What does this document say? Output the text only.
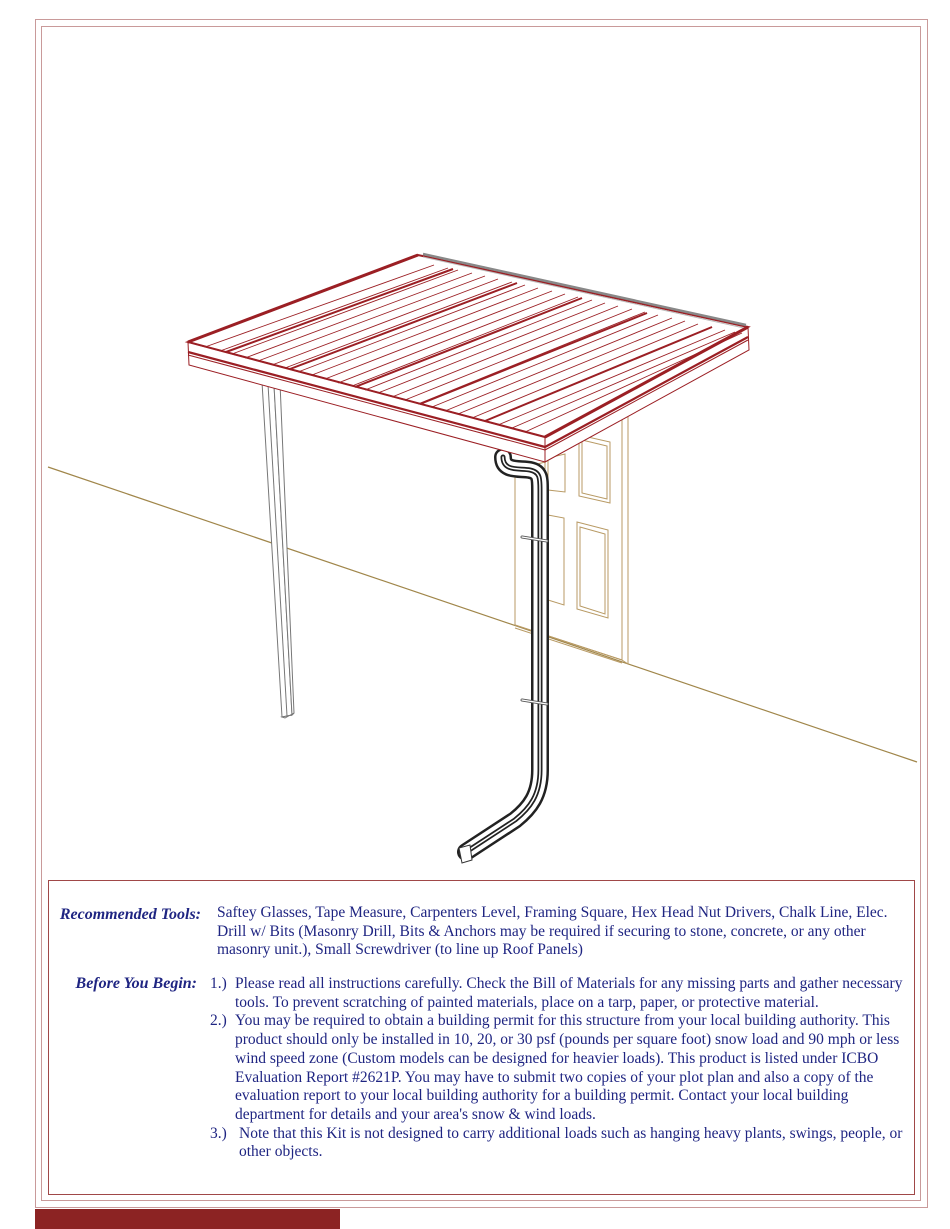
Recommended Tools: Saftey Glasses, Tape Measure, Carpenters Level, Framing Square, Hex Head Nut Drivers, Chalk Line, Elec. Drill w/ Bits (Masonry Drill, Bits & Anchors may be required if securing to stone, concrete, or any other masonry unit.), Small Screwdriver (to line up Roof Panels)
Before You Begin: 1.) Please read all instructions carefully. Check the Bill of Materials for any missing parts and gather necessary tools. To prevent scratching of painted materials, place on a tarp, paper, or protective material.
2.) You may be required to obtain a building permit for this structure from your local building authority. This product should only be installed in 10, 20, or 30 psf (pounds per square foot) snow load and 90 mph or less wind speed zone (Custom models can be designed for heavier loads). This product is listed under ICBO Evaluation Report #2621P. You may have to submit two copies of your plot plan and also a copy of the evaluation report to your local building authority for a building permit. Contact your local building department for details and your area's snow & wind loads.
3.) Note that this Kit is not designed to carry additional loads such as hanging heavy plants, swings, people, or other objects.
